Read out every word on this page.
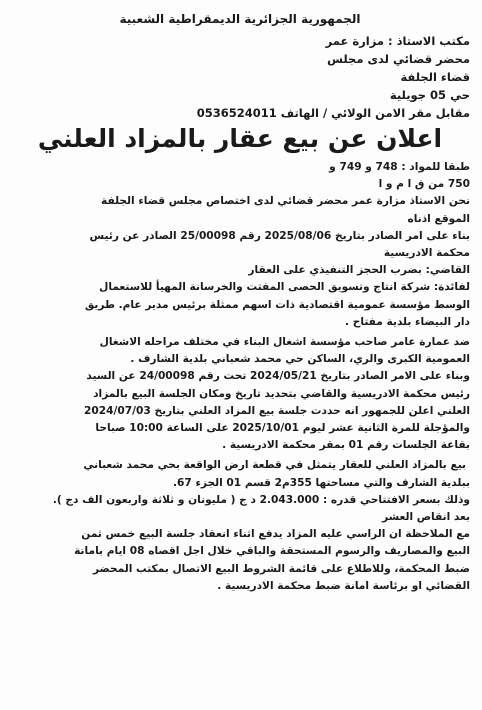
الجمهورية الجزائرية الديمقراطية الشعبية
مكتب الاستاذ : مزارة عمر
محضر قضائي لدى مجلس
قضاء الجلفة
حي 05 جويلية
مقابل مقر الامن الولائي / الهاتف 0536524011
اعلان عن بيع عقار بالمزاد العلني
طبقا للمواد : 748 و 749 و
750 من ق ا م و ا
نحن الاستاذ مزارة عمر محضر قضائي لدى اختصاص مجلس قضاء الجلفة
الموقع اذناه
بناء على امر الصادر بتاريخ 2025/08/06 رقم 25/00098 الصادر عن رئيس
محكمة الادريسية
القاضي: بضرب الحجز التنفيذي على العقار
لفائدة: شركة انتاج وتسويق الحصى المفتت والخرسانة المهيأ للاستعمال
الوسط مؤسسة عمومية اقتصادية ذات اسهم ممثلة برئيس مدير عام. طريق
دار البيضاء بلدية مفتاح .
ضد عمارة عامر صاحب مؤسسة اشغال البناء في مختلف مراحله الاشغال
العمومية الكبرى والري، الساكن حي محمد شعباني بلدية الشارف .
وبناء على الامر الصادر بتاريخ 2024/05/21 تحت رقم 24/00098 عن السيد
رئيس محكمة الادريسية والقاضي بتحديد تاريخ ومكان الجلسة البيع بالمزاد
العلني اعلن للجمهور انه حددت جلسة بيع المزاد العلني بتاريخ 2024/07/03
والمؤجلة للمرة الثانية عشر ليوم 2025/10/01 على الساعة 10:00 صباحا
بقاعة الجلسات رقم 01 بمقر محكمة الادريسية .
بيع بالمزاد العلني للعقار يتمثل في قطعة ارض الواقعة بحي محمد شعباني
ببلدية الشارف والتي مساحتها 355م2 قسم 01 الجزء 67.
وذلك بسعر الافتتاحي قدره : 2.043.000 د ج ( مليونان و ثلاثة واربعون الف دج ).
بعد انقاص العشر
مع الملاحظة ان الراسي عليه المزاد يدفع اثناء انعقاد جلسة البيع خمس ثمن
البيع والمصاريف والرسوم المستحقة والباقي خلال اجل اقصاه 08 ايام بامانة
ضبط المحكمة، وللاطلاع على قائمة الشروط البيع الاتصال بمكتب المحضر
القضائي او برئاسة امانة ضبط محكمة الادريسية .
